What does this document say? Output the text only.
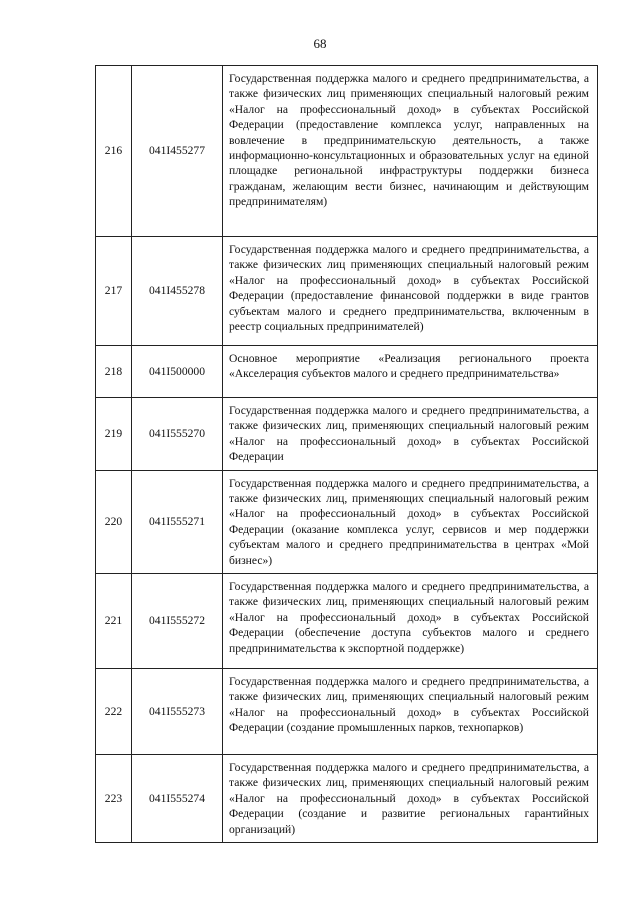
68
216	041I455277	Государственная поддержка малого и среднего предпринимательства, а также физических лиц применяющих специальный налоговый режим «Налог на профессиональный доход» в субъектах Российской Федерации (предоставление комплекса услуг, направленных на вовлечение в предпринимательскую деятельность, а также информационно-консультационных и образовательных услуг на единой площадке региональной инфраструктуры поддержки бизнеса гражданам, желающим вести бизнес, начинающим и действующим предпринимателям)
217	041I455278	Государственная поддержка малого и среднего предпринимательства, а также физических лиц применяющих специальный налоговый режим «Налог на профессиональный доход» в субъектах Российской Федерации (предоставление финансовой поддержки в виде грантов субъектам малого и среднего предпринимательства, включенным в реестр социальных предпринимателей)
218	041I500000	Основное мероприятие «Реализация регионального проекта «Акселерация субъектов малого и среднего предпринимательства»
219	041I555270	Государственная поддержка малого и среднего предпринимательства, а также физических лиц, применяющих специальный налоговый режим «Налог на профессиональный доход» в субъектах Российской Федерации
220	041I555271	Государственная поддержка малого и среднего предпринимательства, а также физических лиц, применяющих специальный налоговый режим «Налог на профессиональный доход» в субъектах Российской Федерации (оказание комплекса услуг, сервисов и мер поддержки субъектам малого и среднего предпринимательства в центрах «Мой бизнес»)
221	041I555272	Государственная поддержка малого и среднего предпринимательства, а также физических лиц, применяющих специальный налоговый режим «Налог на профессиональный доход» в субъектах Российской Федерации (обеспечение доступа субъектов малого и среднего предпринимательства к экспортной поддержке)
222	041I555273	Государственная поддержка малого и среднего предпринимательства, а также физических лиц, применяющих специальный налоговый режим «Налог на профессиональный доход» в субъектах Российской Федерации (создание промышленных парков, технопарков)
223	041I555274	Государственная поддержка малого и среднего предпринимательства, а также физических лиц, применяющих специальный налоговый режим «Налог на профессиональный доход» в субъектах Российской Федерации (создание и развитие региональных гарантийных организаций)
